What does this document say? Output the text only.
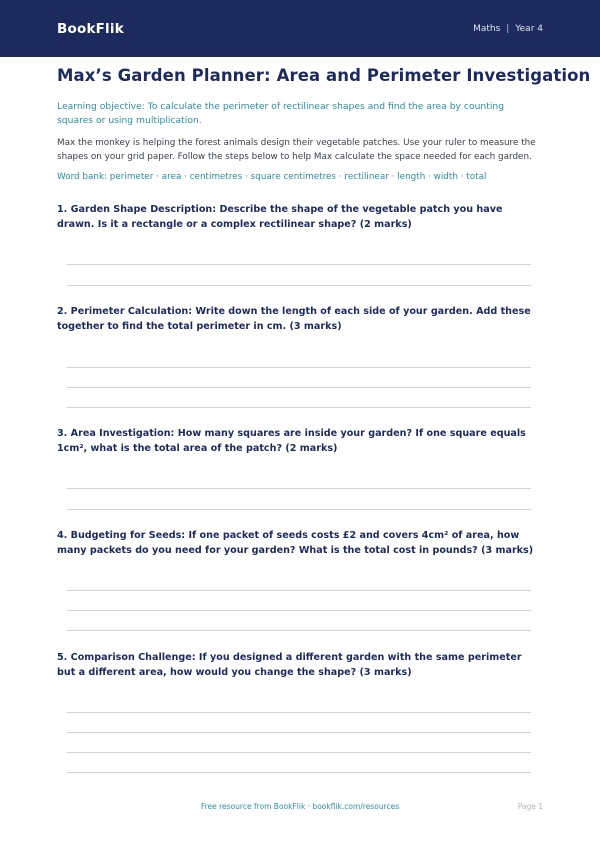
BookFlik	Maths | Year 4
Max’s Garden Planner: Area and Perimeter Investigation
Learning objective: To calculate the perimeter of rectilinear shapes and find the area by counting squares or using multiplication.
Max the monkey is helping the forest animals design their vegetable patches. Use your ruler to measure the shapes on your grid paper. Follow the steps below to help Max calculate the space needed for each garden.
Word bank: perimeter · area · centimetres · square centimetres · rectilinear · length · width · total
1. Garden Shape Description: Describe the shape of the vegetable patch you have drawn. Is it a rectangle or a complex rectilinear shape? (2 marks)
2. Perimeter Calculation: Write down the length of each side of your garden. Add these together to find the total perimeter in cm. (3 marks)
3. Area Investigation: How many squares are inside your garden? If one square equals 1cm², what is the total area of the patch? (2 marks)
4. Budgeting for Seeds: If one packet of seeds costs £2 and covers 4cm² of area, how many packets do you need for your garden? What is the total cost in pounds? (3 marks)
5. Comparison Challenge: If you designed a different garden with the same perimeter but a different area, how would you change the shape? (3 marks)
Free resource from BookFlik · bookflik.com/resources	Page 1
